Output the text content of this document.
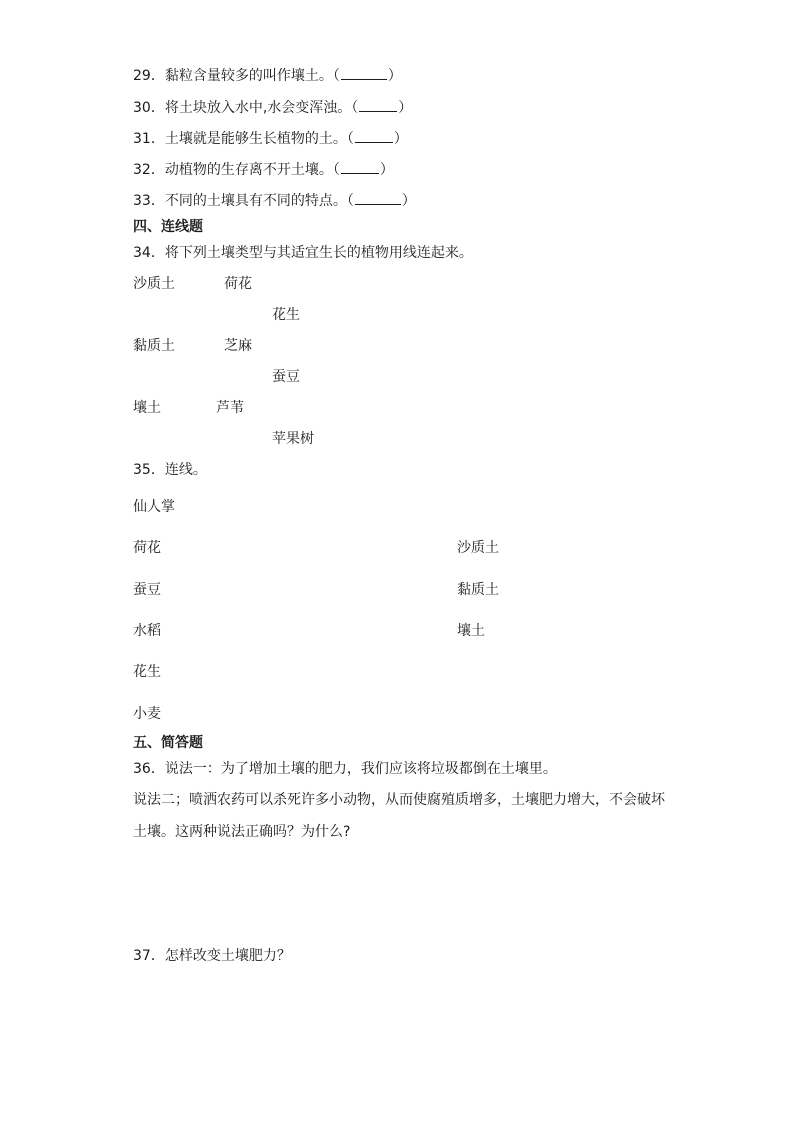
29．黏粒含量较多的叫作壤土。（	）
30．将土块放入水中,水会变浑浊。（	）
31．土壤就是能够生长植物的土。（	）
32．动植物的生存离不开土壤。（	）
33．不同的土壤具有不同的特点。（	）
四、连线题
34．将下列土壤类型与其适宜生长的植物用线连起来。
沙质土	荷花
花生
黏质土	芝麻
蚕豆
壤土	芦苇
苹果树
35．连线。
仙人掌
荷花
蚕豆
水稻
花生
小麦
沙质土
黏质土
壤土
五、简答题
36．说法一：为了增加土壤的肥力，我们应该将垃圾都倒在土壤里。
说法二；喷洒农药可以杀死许多小动物，从而使腐殖质增多，土壤肥力增大，不会破坏
土壤。这两种说法正确吗？为什么?
37．怎样改变土壤肥力？
